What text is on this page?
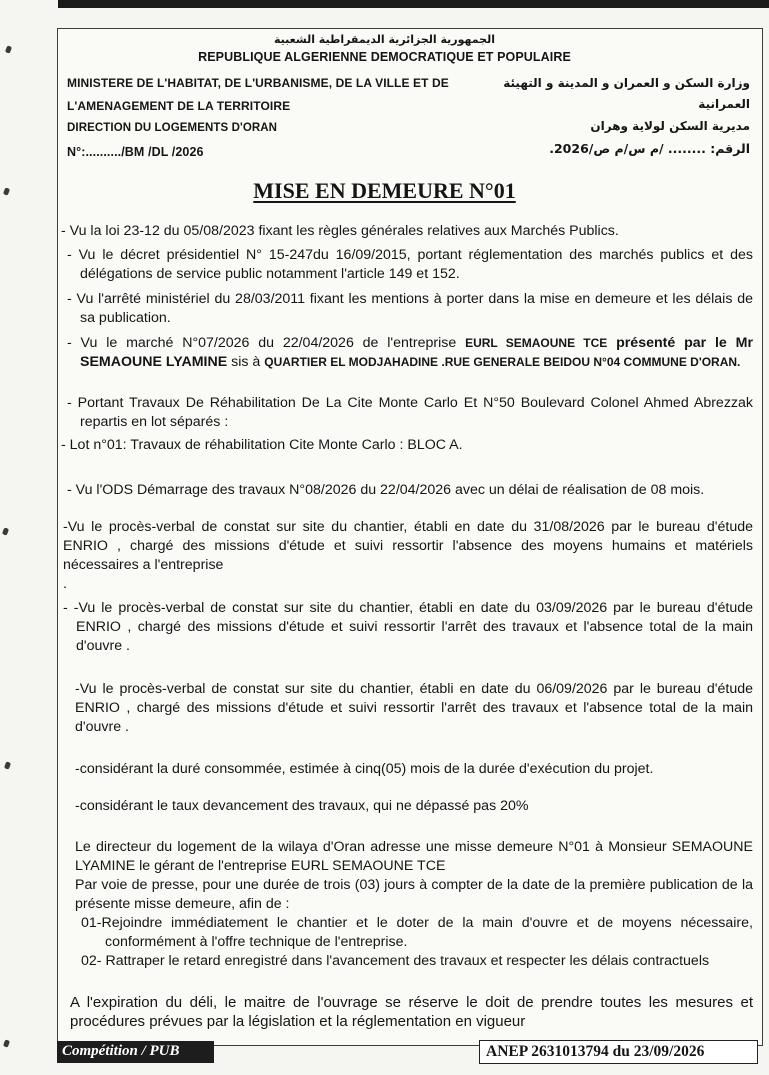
الجمهورية الجزائرية الديمقراطية الشعبية
REPUBLIQUE ALGERIENNE DEMOCRATIQUE ET POPULAIRE
MINISTERE DE L'HABITAT, DE L'URBANISME, DE LA VILLE ET DE
L'AMENAGEMENT DE LA TERRITOIRE
DIRECTION DU LOGEMENTS D'ORAN
N°:........../BM /DL /2026
وزارة السكن و العمران و المدينة و التهيئة
العمرانية
مديرية السكن لولاية وهران
الرقم: ........ /م س/م ص/2026.
MISE EN DEMEURE N°01
- Vu la loi 23-12 du 05/08/2023 fixant les règles générales relatives aux Marchés Publics.
- Vu le décret présidentiel N° 15-247du 16/09/2015, portant réglementation des marchés publics et des délégations de service public notamment l'article 149 et 152.
- Vu l'arrêté ministériel du 28/03/2011 fixant les mentions à porter dans la mise en demeure et les délais de sa publication.
- Vu le marché N°07/2026 du 22/04/2026 de l'entreprise EURL SEMAOUNE TCE présenté par le Mr SEMAOUNE LYAMINE sis à QUARTIER EL MODJAHADINE .RUE GENERALE BEIDOU N°04 COMMUNE D'ORAN.
- Portant Travaux De Réhabilitation De La Cite Monte Carlo Et N°50 Boulevard Colonel Ahmed Abrezzak repartis en lot séparés :
- Lot n°01: Travaux de réhabilitation Cite Monte Carlo : BLOC A.
- Vu l'ODS Démarrage des travaux N°08/2026 du 22/04/2026 avec un délai de réalisation de 08 mois.
-Vu le procès-verbal de constat sur site du chantier, établi en date du 31/08/2026 par le bureau d'étude ENRIO , chargé des missions d'étude et suivi ressortir l'absence des moyens humains et matériels nécessaires a l'entreprise
.
- -Vu le procès-verbal de constat sur site du chantier, établi en date du 03/09/2026 par le bureau d'étude ENRIO , chargé des missions d'étude et suivi ressortir l'arrêt des travaux et l'absence total de la main d'ouvre .
-Vu le procès-verbal de constat sur site du chantier, établi en date du 06/09/2026 par le bureau d'étude ENRIO , chargé des missions d'étude et suivi ressortir l'arrêt des travaux et l'absence total de la main d'ouvre .
-considérant la duré consommée, estimée à cinq(05) mois de la durée d'exécution du projet.
-considérant le taux devancement des travaux, qui ne dépassé pas 20%
Le directeur du logement de la wilaya d'Oran adresse une misse demeure N°01 à Monsieur SEMAOUNE LYAMINE le gérant de l'entreprise EURL SEMAOUNE TCE
Par voie de presse, pour une durée de trois (03) jours à compter de la date de la première publication de la présente misse demeure, afin de :
01-Rejoindre immédiatement le chantier et le doter de la main d'ouvre et de moyens nécessaire, conformément à l'offre technique de l'entreprise.
02- Rattraper le retard enregistré dans l'avancement des travaux et respecter les délais contractuels
A l'expiration du déli, le maitre de l'ouvrage se réserve le doit de prendre toutes les mesures et procédures prévues par la législation et la réglementation en vigueur
Compétition / PUB	ANEP 2631013794 du 23/09/2026
